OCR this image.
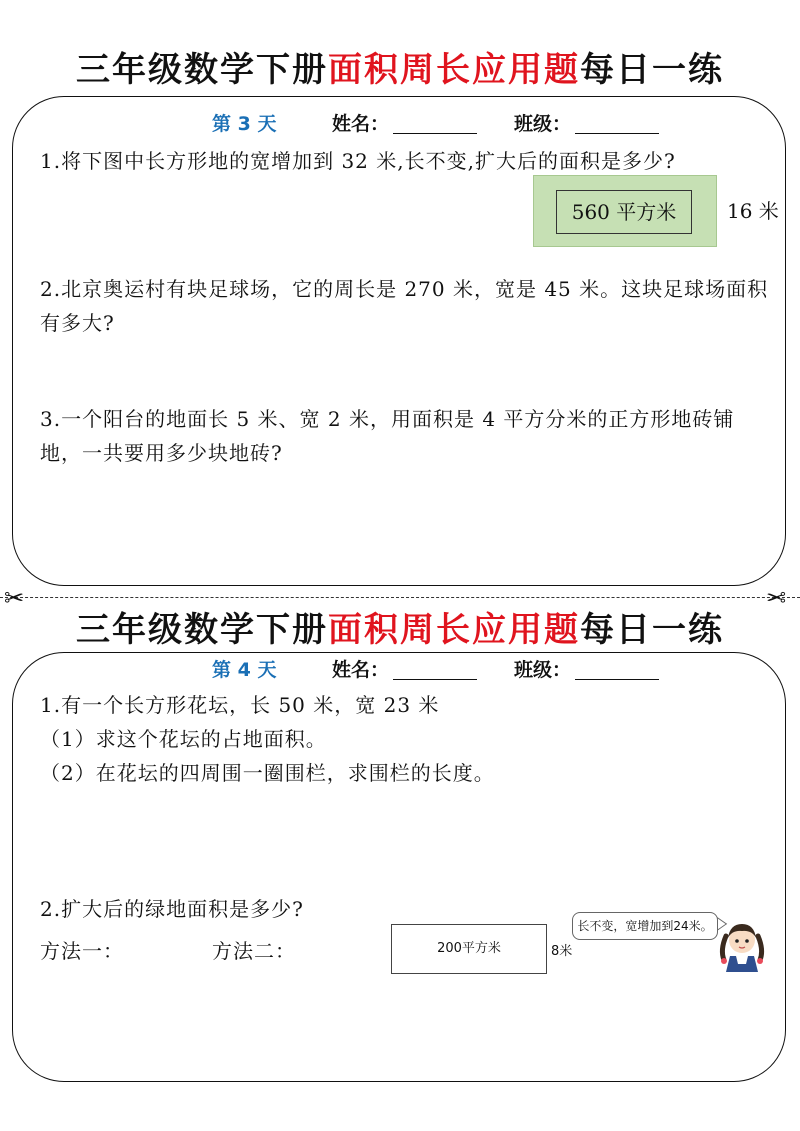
三年级数学下册面积周长应用题每日一练
第 3 天	姓名：	班级：
1.将下图中长方形地的宽增加到 32 米,长不变,扩大后的面积是多少?
560 平方米	16 米
2.北京奥运村有块足球场，它的周长是 270 米，宽是 45 米。这块足球场面积有多大?
3.一个阳台的地面长 5 米、宽 2 米，用面积是 4 平方分米的正方形地砖铺地，一共要用多少块地砖?
✂	✂
三年级数学下册面积周长应用题每日一练
第 4 天	姓名：	班级：
1.有一个长方形花坛，长 50 米，宽 23 米
（1）求这个花坛的占地面积。
（2）在花坛的四周围一圈围栏，求围栏的长度。
2.扩大后的绿地面积是多少?
方法一：	方法二：	200平方米	8米
长不变，宽增加到24米。
